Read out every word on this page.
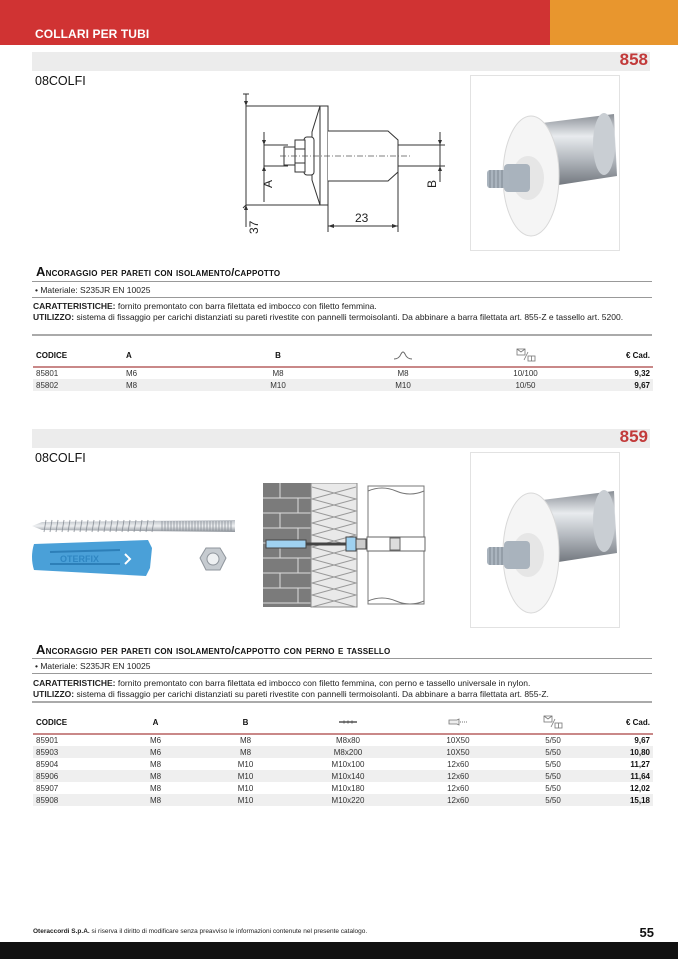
COLLARI PER TUBI
858
08COLFI
A	B
37
23
Ancoraggio per pareti con isolamento/cappotto
• Materiale: S235JR EN 10025
CARATTERISTICHE: fornito premontato con barra filettata ed imbocco con filetto femmina.
UTILIZZO: sistema di fissaggio per carichi distanziati su pareti rivestite con pannelli termoisolanti. Da abbinare a barra filettata art. 855-Z e tassello art. 5200.
CODICE	A	B			€ Cad.
85801	M6	M8	M8	10/100	9,32
85802	M8	M10	M10	10/50	9,67
859
08COLFI
OTERFIX
Ancoraggio per pareti con isolamento/cappotto con perno e tassello
• Materiale: S235JR EN 10025
CARATTERISTICHE: fornito premontato con barra filettata ed imbocco con filetto femmina, con perno e tassello universale in nylon.
UTILIZZO: sistema di fissaggio per carichi distanziati su pareti rivestite con pannelli termoisolanti. Da abbinare a barra filettata art. 855-Z.
CODICE	A	B				€ Cad.
85901	M6	M8	M8x80	10X50	5/50	9,67
85903	M6	M8	M8x200	10X50	5/50	10,80
85904	M8	M10	M10x100	12x60	5/50	11,27
85906	M8	M10	M10x140	12x60	5/50	11,64
85907	M8	M10	M10x180	12x60	5/50	12,02
85908	M8	M10	M10x220	12x60	5/50	15,18
Oteraccordi S.p.A. si riserva il diritto di modificare senza preavviso le informazioni contenute nel presente catalogo.	55
